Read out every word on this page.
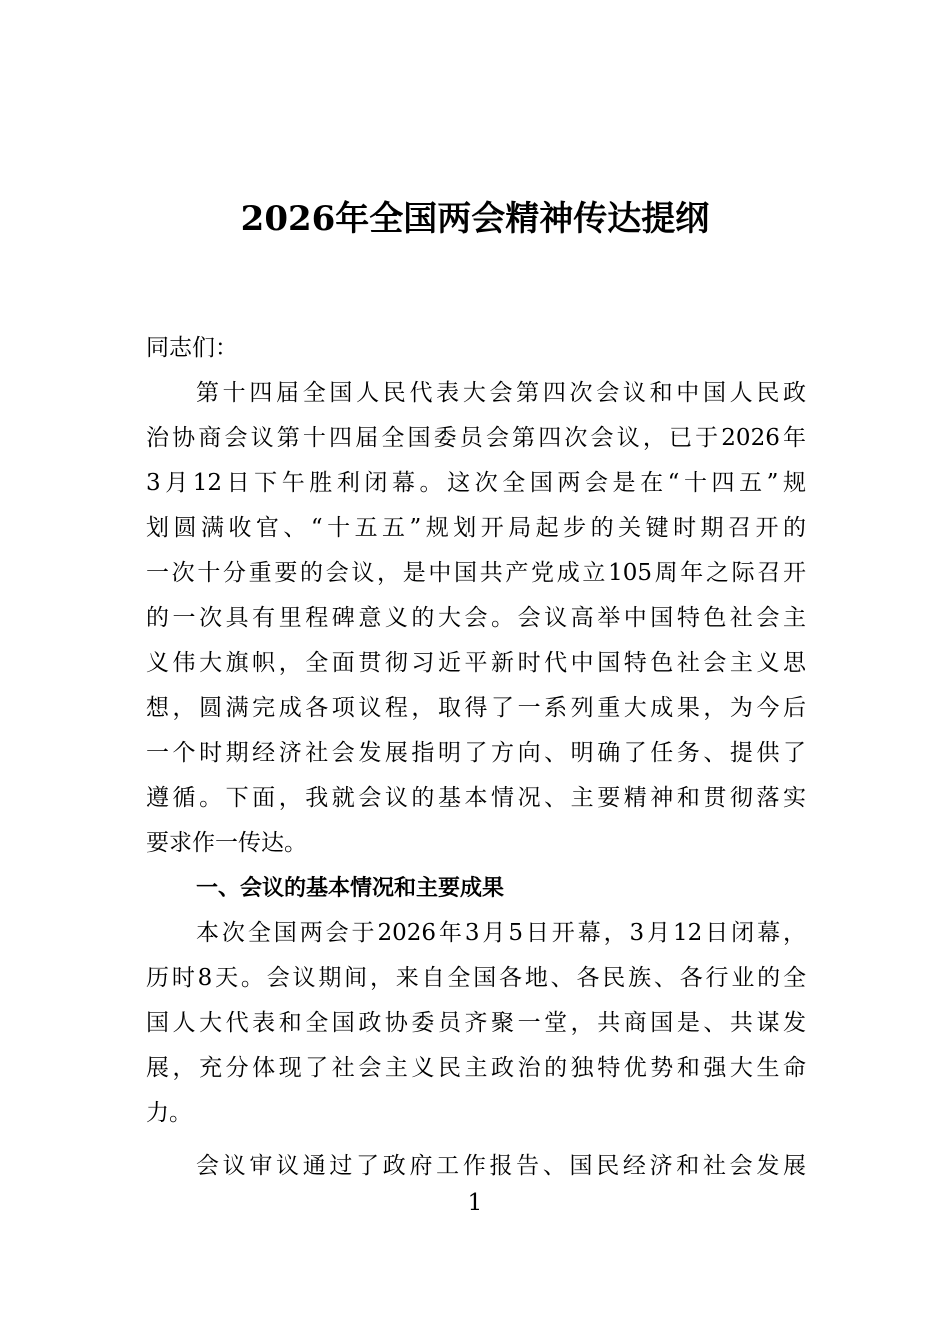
2026年全国两会精神传达提纲
同志们：
第十四届全国人民代表大会第四次会议和中国人民政
治协商会议第十四届全国委员会第四次会议，已于2026年
3月12日下午胜利闭幕。这次全国两会是在“十四五”规
划圆满收官、“十五五”规划开局起步的关键时期召开的
一次十分重要的会议，是中国共产党成立105周年之际召开
的一次具有里程碑意义的大会。会议高举中国特色社会主
义伟大旗帜，全面贯彻习近平新时代中国特色社会主义思
想，圆满完成各项议程，取得了一系列重大成果，为今后
一个时期经济社会发展指明了方向、明确了任务、提供了
遵循。下面，我就会议的基本情况、主要精神和贯彻落实
要求作一传达。
一、会议的基本情况和主要成果
本次全国两会于2026年3月5日开幕，3月12日闭幕，
历时8天。会议期间，来自全国各地、各民族、各行业的全
国人大代表和全国政协委员齐聚一堂，共商国是、共谋发
展，充分体现了社会主义民主政治的独特优势和强大生命
力。
会议审议通过了政府工作报告、国民经济和社会发展
1
